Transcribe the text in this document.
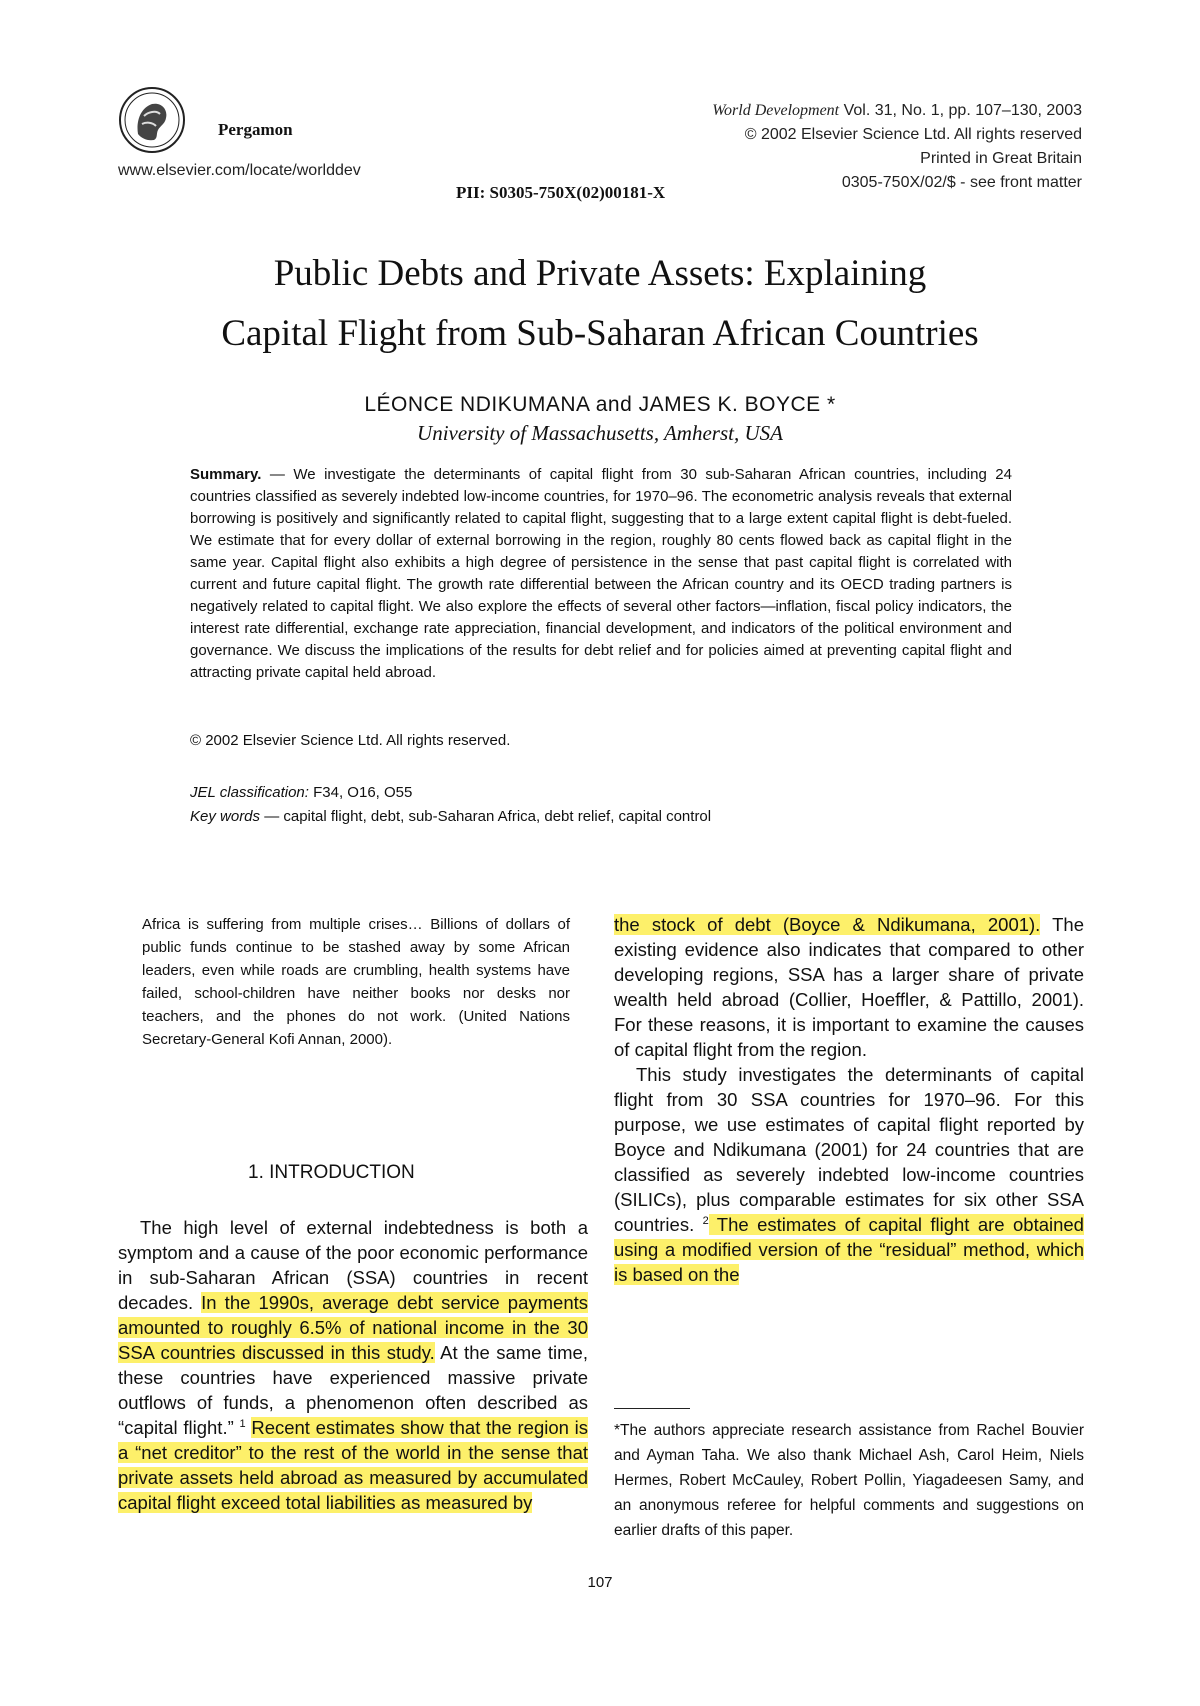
Pergamon
www.elsevier.com/locate/worlddev
World Development Vol. 31, No. 1, pp. 107–130, 2003
© 2002 Elsevier Science Ltd. All rights reserved
Printed in Great Britain
0305-750X/02/$ - see front matter
PII: S0305-750X(02)00181-X
Public Debts and Private Assets: Explaining
Capital Flight from Sub-Saharan African Countries
LÉONCE NDIKUMANA and JAMES K. BOYCE *
University of Massachusetts, Amherst, USA
Summary. — We investigate the determinants of capital flight from 30 sub-Saharan African countries, including 24 countries classified as severely indebted low-income countries, for 1970–96. The econometric analysis reveals that external borrowing is positively and significantly related to capital flight, suggesting that to a large extent capital flight is debt-fueled. We estimate that for every dollar of external borrowing in the region, roughly 80 cents flowed back as capital flight in the same year. Capital flight also exhibits a high degree of persistence in the sense that past capital flight is correlated with current and future capital flight. The growth rate differential between the African country and its OECD trading partners is negatively related to capital flight. We also explore the effects of several other factors—inflation, fiscal policy indicators, the interest rate differential, exchange rate appreciation, financial development, and indicators of the political environment and governance. We discuss the implications of the results for debt relief and for policies aimed at preventing capital flight and attracting private capital held abroad.
© 2002 Elsevier Science Ltd. All rights reserved.
JEL classification: F34, O16, O55
Key words — capital flight, debt, sub-Saharan Africa, debt relief, capital control
Africa is suffering from multiple crises… Billions of dollars of public funds continue to be stashed away by some African leaders, even while roads are crumbling, health systems have failed, school-children have neither books nor desks nor teachers, and the phones do not work. (United Nations Secretary-General Kofi Annan, 2000).
1. INTRODUCTION

The high level of external indebtedness is both a symptom and a cause of the poor economic performance in sub-Saharan African (SSA) countries in recent decades. In the 1990s, average debt service payments amounted to roughly 6.5% of national income in the 30 SSA countries discussed in this study. At the same time, these countries have experienced massive private outflows of funds, a phenomenon often described as “capital flight.” $^1$ Recent estimates show that the region is a “net creditor” to the rest of the world in the sense that private assets held abroad as measured by accumulated capital flight exceed total liabilities as measured by

the stock of debt (Boyce & Ndikumana, 2001). The existing evidence also indicates that compared to other developing regions, SSA has a larger share of private wealth held abroad (Collier, Hoeffler, & Pattillo, 2001). For these reasons, it is important to examine the causes of capital flight from the region.

This study investigates the determinants of capital flight from 30 SSA countries for 1970–96. For this purpose, we use estimates of capital flight reported by Boyce and Ndikumana (2001) for 24 countries that are classified as severely indebted low-income countries (SILICs), plus comparable estimates for six other SSA countries. $^2$ The estimates of capital flight are obtained using a modified version of the “residual” method, which is based on the

*The authors appreciate research assistance from Rachel Bouvier and Ayman Taha. We also thank Michael Ash, Carol Heim, Niels Hermes, Robert McCauley, Robert Pollin, Yiagadeesen Samy, and an anonymous referee for helpful comments and suggestions on earlier drafts of this paper.
107
